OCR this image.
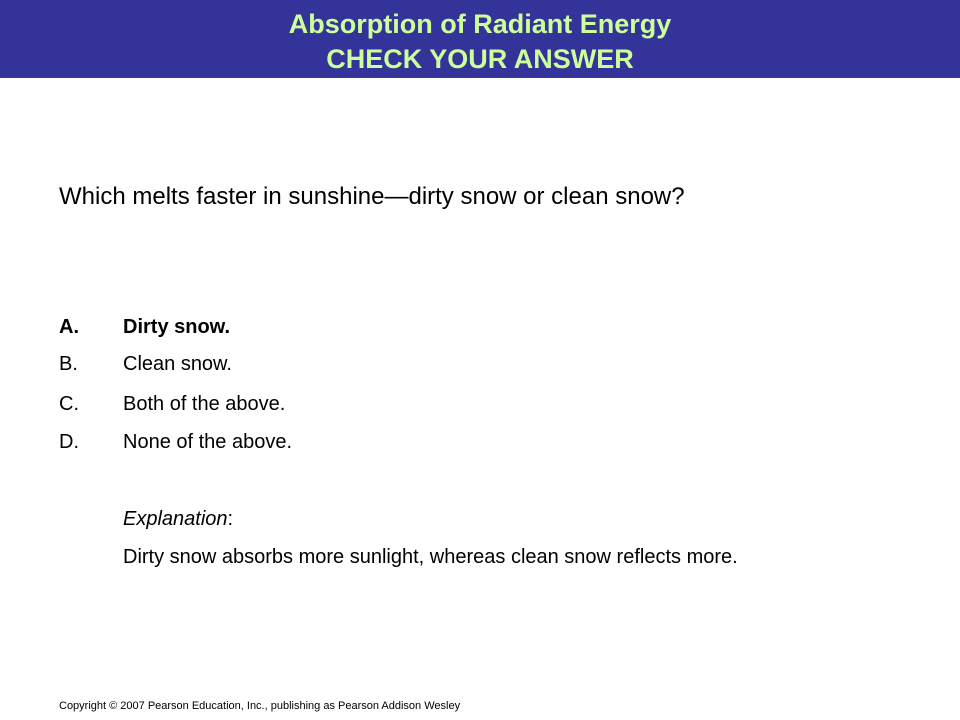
Absorption of Radiant Energy
CHECK YOUR ANSWER
Which melts faster in sunshine—dirty snow or clean snow?
A. Dirty snow.
B. Clean snow.
C. Both of the above.
D. None of the above.
Explanation:
Dirty snow absorbs more sunlight, whereas clean snow reflects more.
Copyright © 2007 Pearson Education, Inc., publishing as Pearson Addison Wesley
